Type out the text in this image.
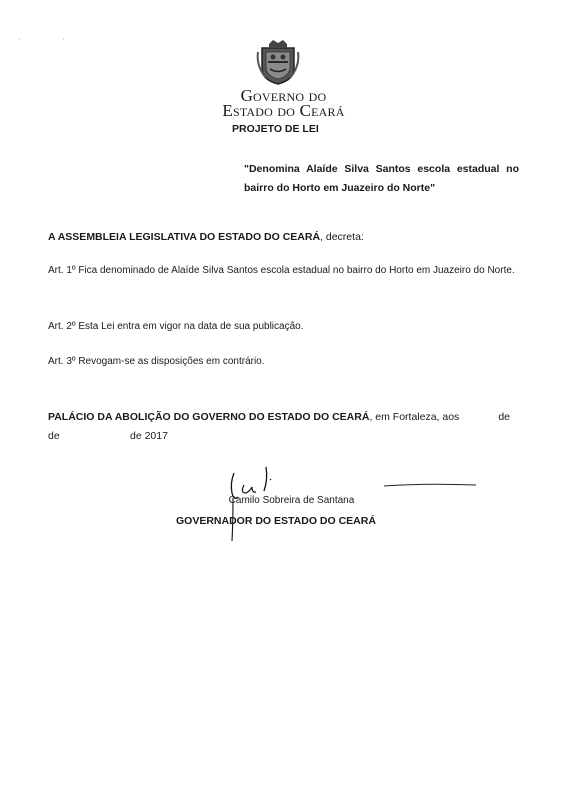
· ·
Governo do
Estado do Ceará
PROJETO DE LEI
"Denomina Alaíde Silva Santos escola estadual no bairro do Horto em Juazeiro do Norte"
A ASSEMBLEIA LEGISLATIVA DO ESTADO DO CEARÁ, decreta:
Art. 1º Fica denominado de Alaíde Silva Santos escola estadual no bairro do Horto em Juazeiro do Norte.
Art. 2º Esta Lei entra em vigor na data de sua publicação.
Art. 3º Revogam-se as disposições em contrário.
PALÁCIO DA ABOLIÇÃO DO GOVERNO DO ESTADO DO CEARÁ, em Fortaleza, aos	de
de	de 2017
Camilo Sobreira de Santana
GOVERNADOR DO ESTADO DO CEARÁ
